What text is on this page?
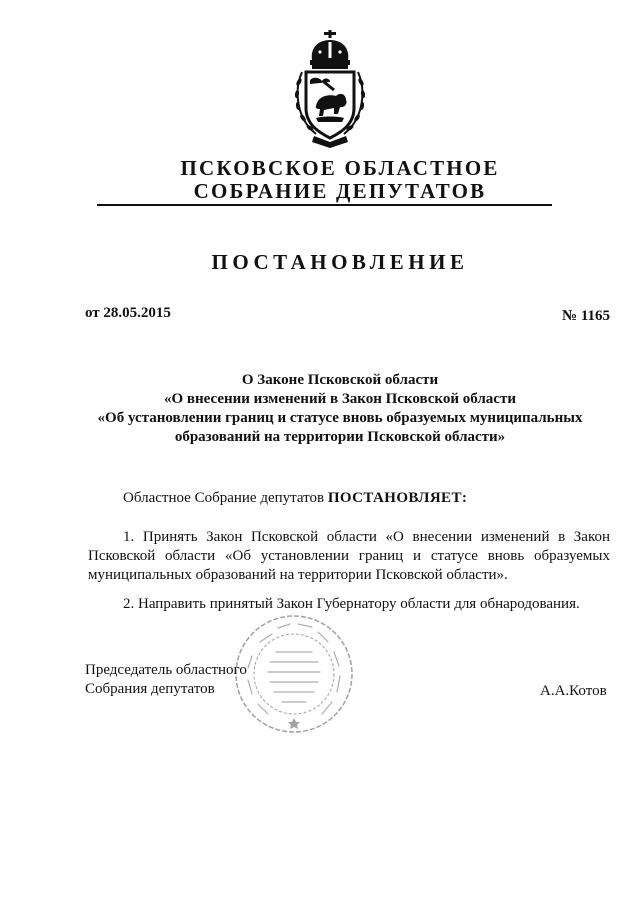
ПСКОВСКОЕ ОБЛАСТНОЕ
СОБРАНИЕ ДЕПУТАТОВ
ПОСТАНОВЛЕНИЕ
от 28.05.2015	№ 1165
О Законе Псковской области
«О внесении изменений в Закон Псковской области
«Об установлении границ и статусе вновь образуемых муниципальных
образований на территории Псковской области»
Областное Собрание депутатов ПОСТАНОВЛЯЕТ:
1. Принять Закон Псковской области «О внесении изменений в Закон
Псковской области «Об установлении границ и статусе вновь образуемых
муниципальных образований на территории Псковской области».
2. Направить принятый Закон Губернатору области для обнародования.
Председатель областного
Собрания депутатов	А.А.Котов
